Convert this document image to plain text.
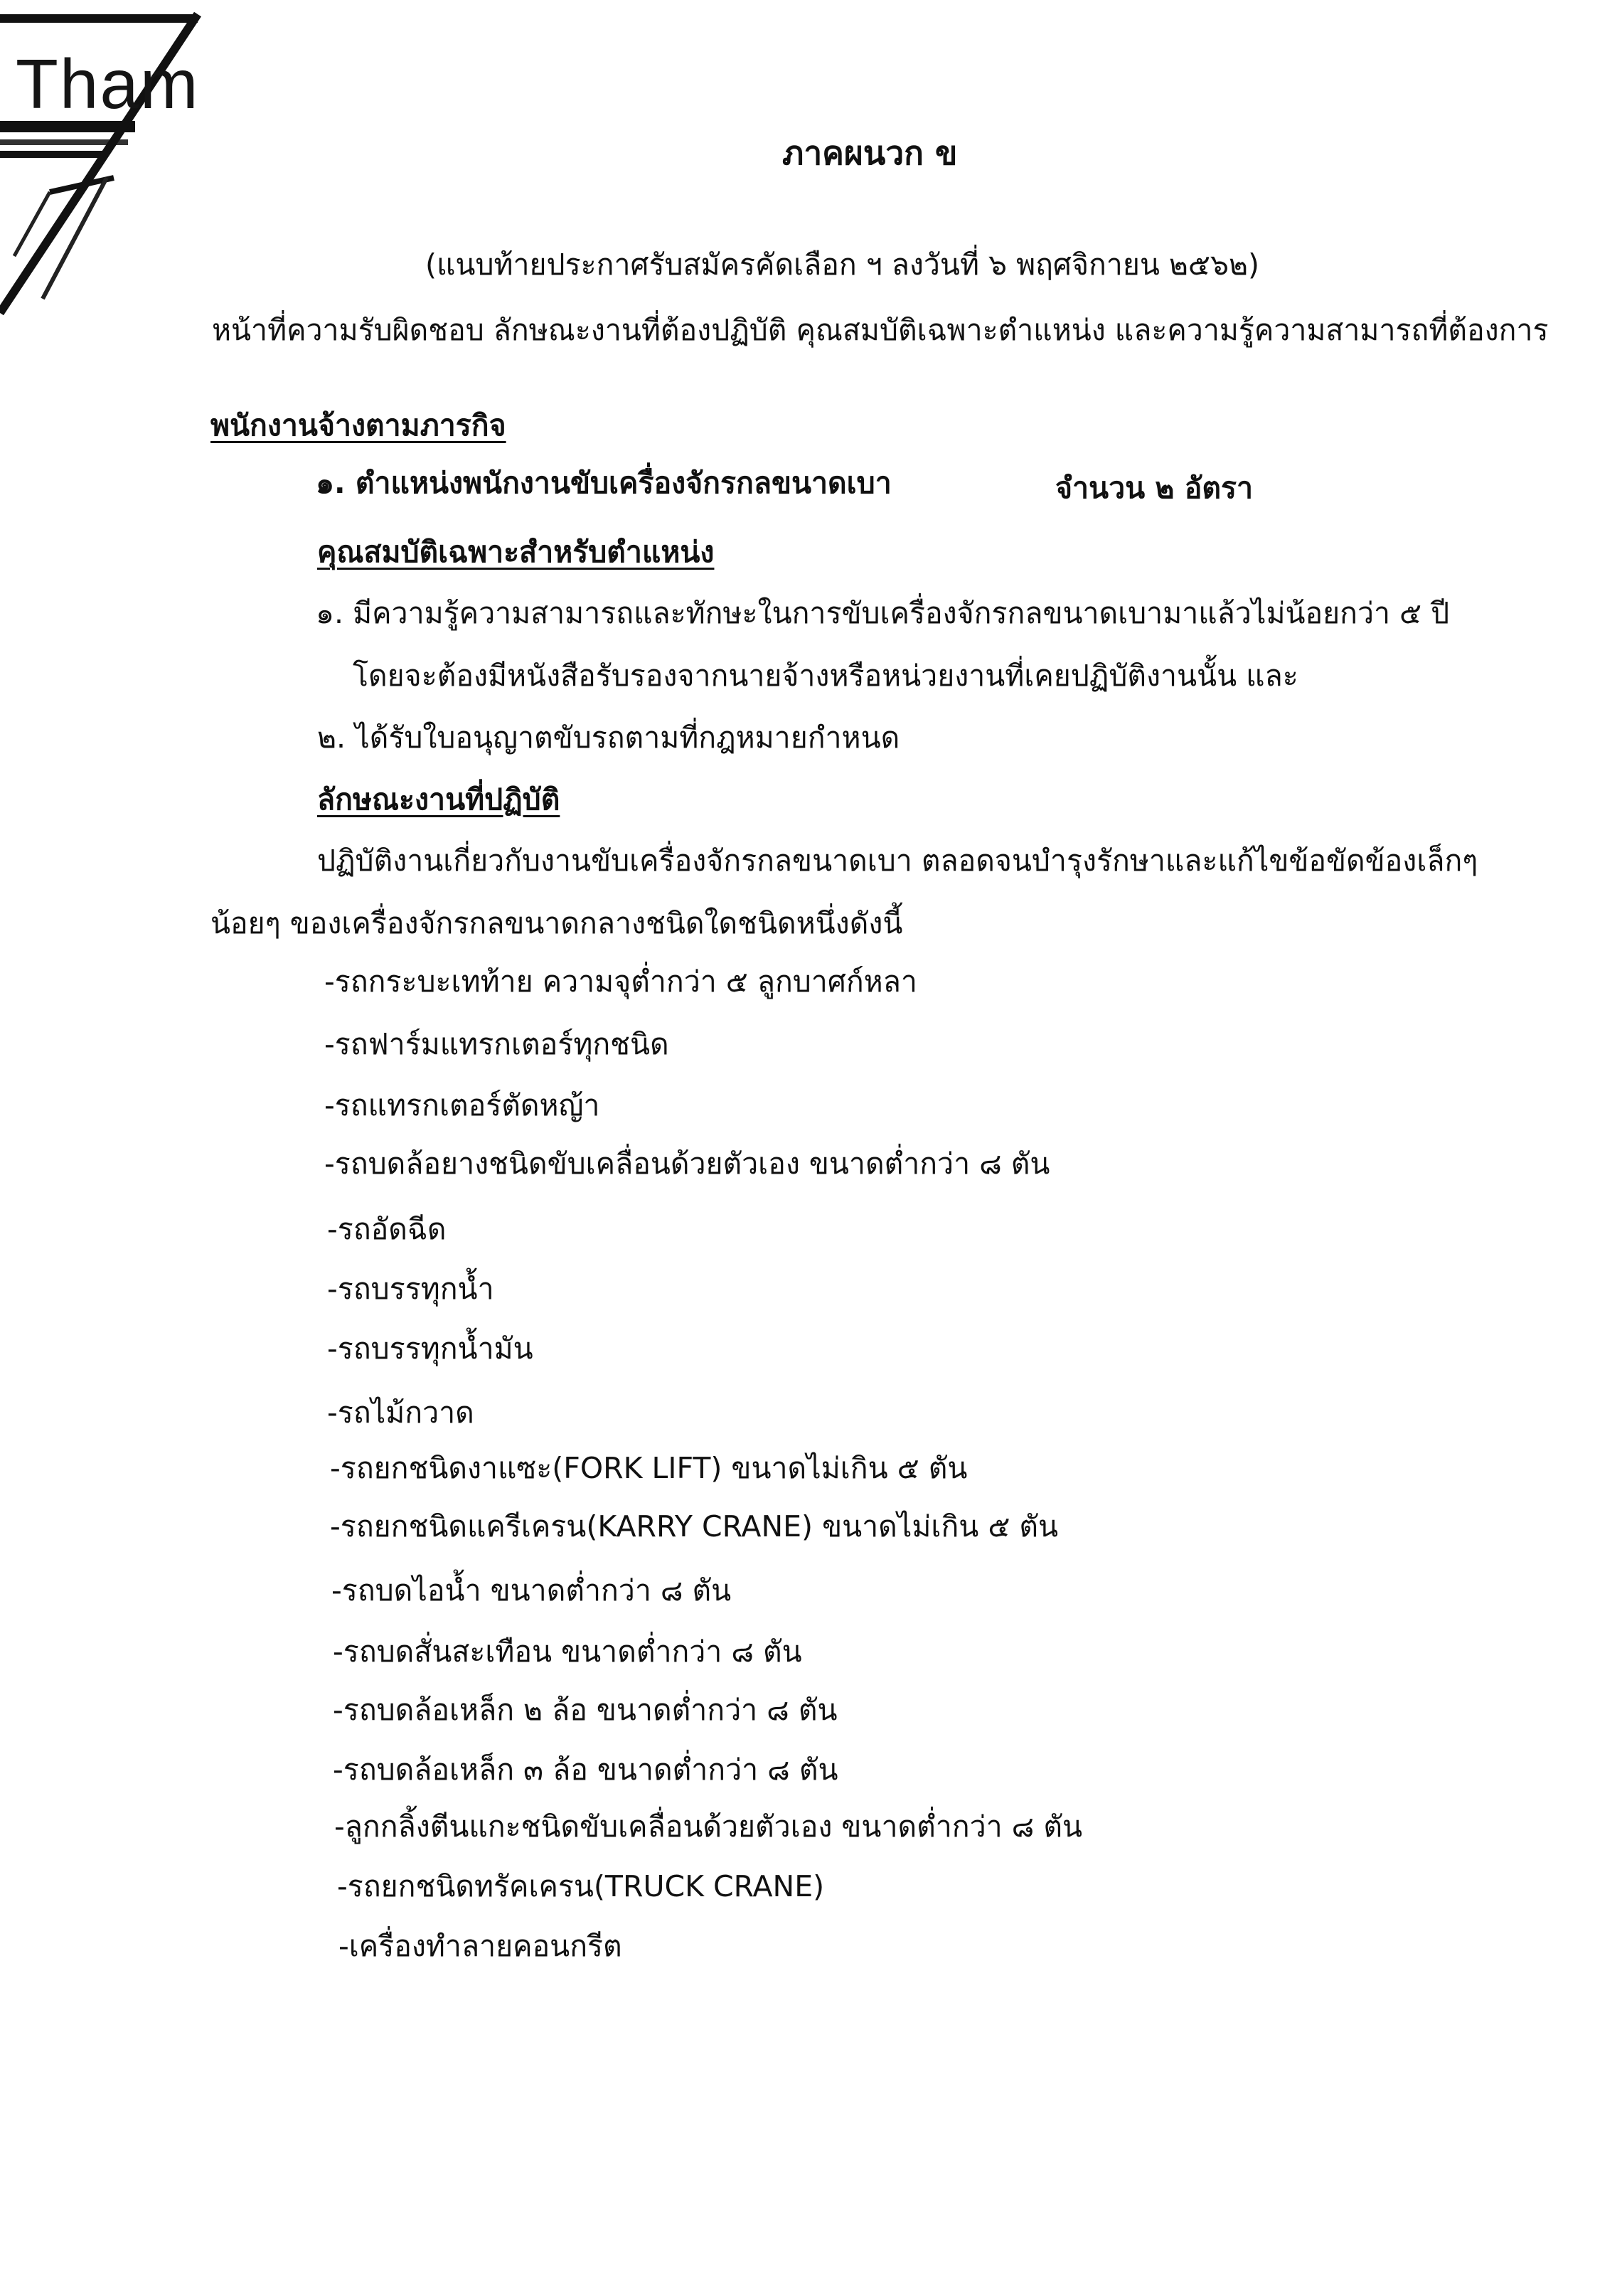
Tham
ภาคผนวก ข
(แนบท้ายประกาศรับสมัครคัดเลือก ฯ ลงวันที่ ๖ พฤศจิกายน ๒๕๖๒)
หน้าที่ความรับผิดชอบ ลักษณะงานที่ต้องปฏิบัติ คุณสมบัติเฉพาะตำแหน่ง และความรู้ความสามารถที่ต้องการ
พนักงานจ้างตามภารกิจ
๑. ตำแหน่งพนักงานขับเครื่องจักรกลขนาดเบา	จำนวน ๒ อัตรา
คุณสมบัติเฉพาะสำหรับตำแหน่ง
๑. มีความรู้ความสามารถและทักษะในการขับเครื่องจักรกลขนาดเบามาแล้วไม่น้อยกว่า ๕ ปี
โดยจะต้องมีหนังสือรับรองจากนายจ้างหรือหน่วยงานที่เคยปฏิบัติงานนั้น และ
๒. ได้รับใบอนุญาตขับรถตามที่กฎหมายกำหนด
ลักษณะงานที่ปฏิบัติ
ปฏิบัติงานเกี่ยวกับงานขับเครื่องจักรกลขนาดเบา ตลอดจนบำรุงรักษาและแก้ไขข้อขัดข้องเล็กๆ
น้อยๆ ของเครื่องจักรกลขนาดกลางชนิดใดชนิดหนึ่งดังนี้
-รถกระบะเทท้าย ความจุต่ำกว่า ๕ ลูกบาศก์หลา
-รถฟาร์มแทรกเตอร์ทุกชนิด
-รถแทรกเตอร์ตัดหญ้า
-รถบดล้อยางชนิดขับเคลื่อนด้วยตัวเอง ขนาดต่ำกว่า ๘ ตัน
-รถอัดฉีด
-รถบรรทุกน้ำ
-รถบรรทุกน้ำมัน
-รถไม้กวาด
-รถยกชนิดงาแซะ(FORK LIFT) ขนาดไม่เกิน ๕ ตัน
-รถยกชนิดแครีเครน(KARRY CRANE) ขนาดไม่เกิน ๕ ตัน
-รถบดไอน้ำ ขนาดต่ำกว่า ๘ ตัน
-รถบดสั่นสะเทือน ขนาดต่ำกว่า ๘ ตัน
-รถบดล้อเหล็ก ๒ ล้อ ขนาดต่ำกว่า ๘ ตัน
-รถบดล้อเหล็ก ๓ ล้อ ขนาดต่ำกว่า ๘ ตัน
-ลูกกลิ้งตีนแกะชนิดขับเคลื่อนด้วยตัวเอง ขนาดต่ำกว่า ๘ ตัน
-รถยกชนิดทรัคเครน(TRUCK CRANE)
-เครื่องทำลายคอนกรีต
